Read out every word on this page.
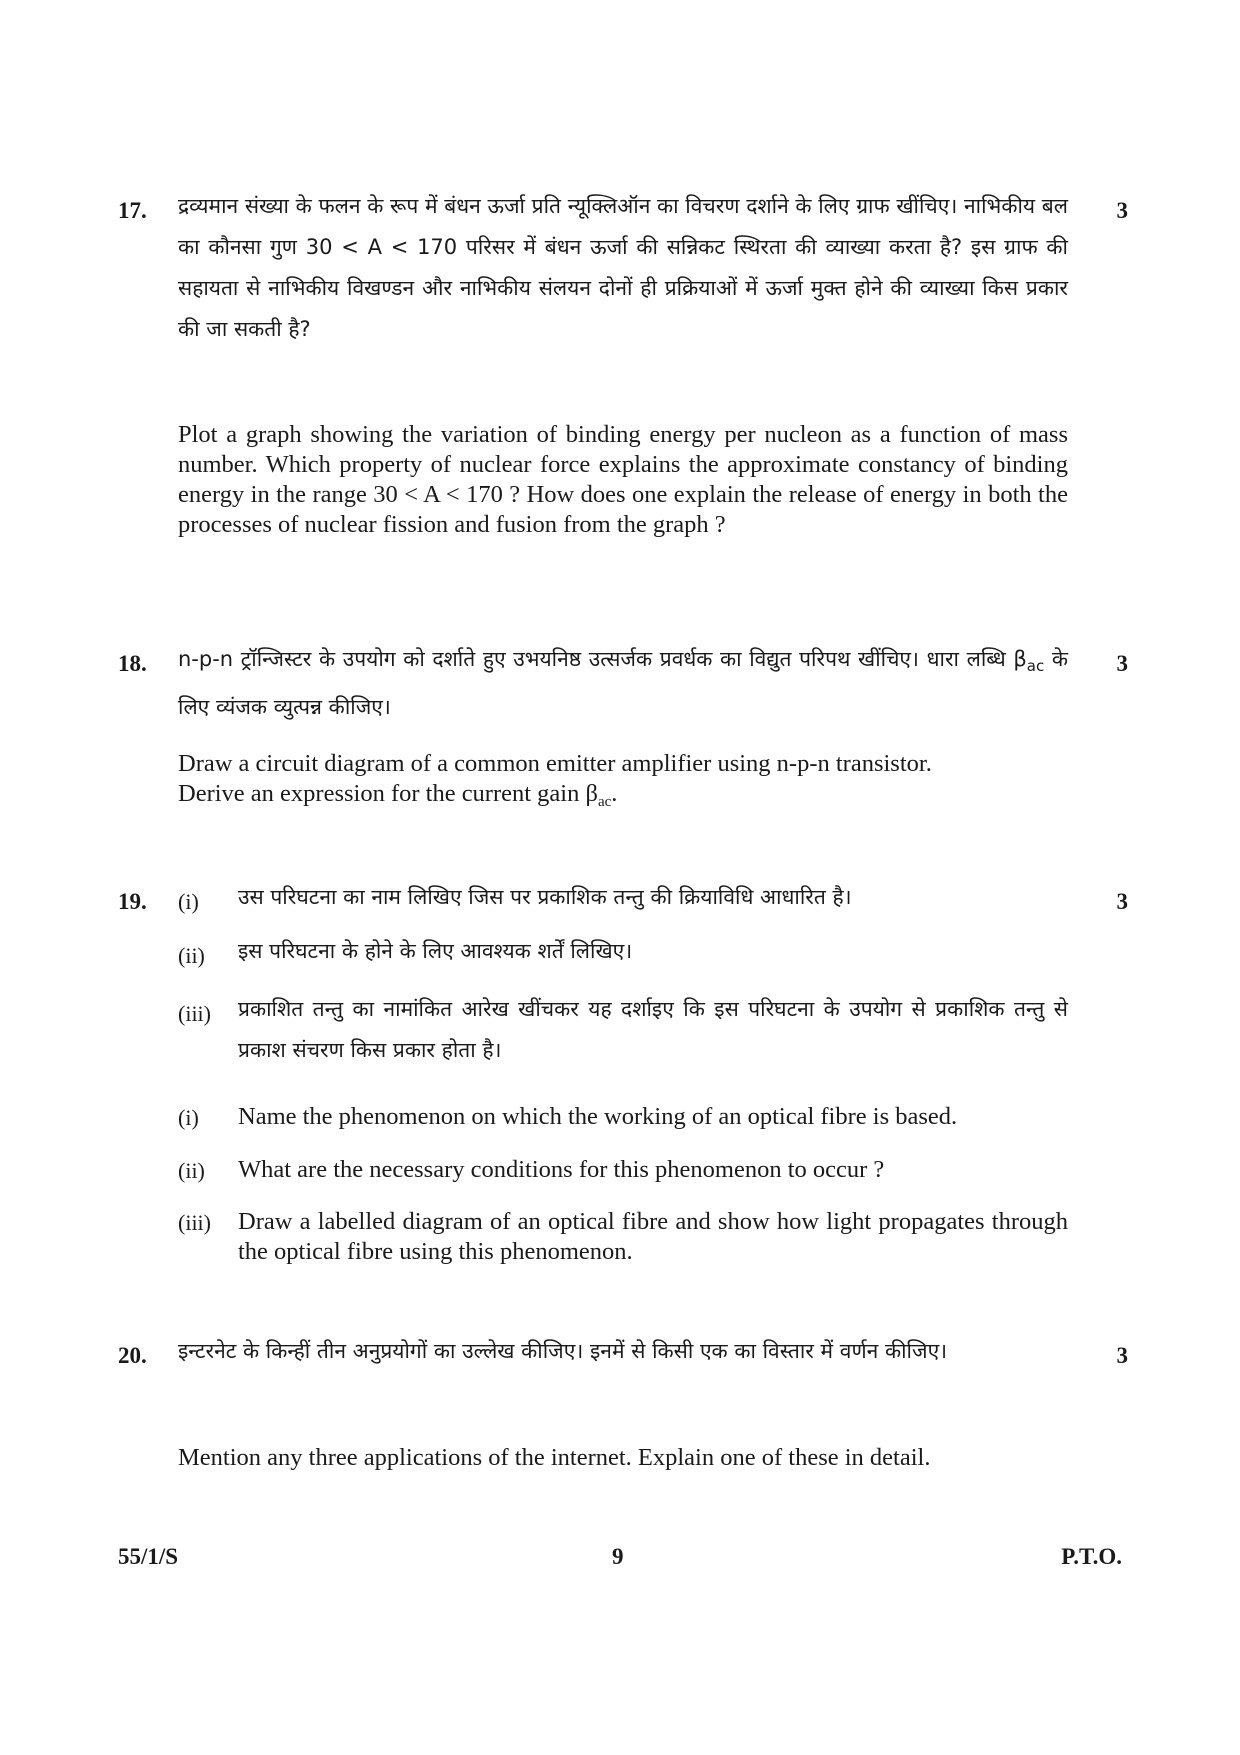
17.	3

द्रव्यमान संख्या के फलन के रूप में बंधन ऊर्जा प्रति न्यूक्लिऑन का विचरण दर्शाने के लिए ग्राफ खींचिए। नाभिकीय बल का कौनसा गुण 30 < A < 170 परिसर में बंधन ऊर्जा की सन्निकट स्थिरता की व्याख्या करता है? इस ग्राफ की सहायता से नाभिकीय विखण्डन और नाभिकीय संलयन दोनों ही प्रक्रियाओं में ऊर्जा मुक्त होने की व्याख्या किस प्रकार की जा सकती है?

Plot a graph showing the variation of binding energy per nucleon as a function of mass number. Which property of nuclear force explains the approximate constancy of binding energy in the range 30 < A < 170 ? How does one explain the release of energy in both the processes of nuclear fission and fusion from the graph ?

18.	3

n-p-n ट्रॉन्जिस्टर के उपयोग को दर्शाते हुए उभयनिष्ठ उत्सर्जक प्रवर्धक का विद्युत परिपथ खींचिए। धारा लब्धि $\beta_{ac}$ के लिए व्यंजक व्युत्पन्न कीजिए।

Draw a circuit diagram of a common emitter amplifier using n-p-n transistor.
Derive an expression for the current gain $\beta_{ac}$.

19.	3
(i) उस परिघटना का नाम लिखिए जिस पर प्रकाशिक तन्तु की क्रियाविधि आधारित है।

(ii) इस परिघटना के होने के लिए आवश्यक शर्तें लिखिए।

(iii) प्रकाशित तन्तु का नामांकित आरेख खींचकर यह दर्शाइए कि इस परिघटना के उपयोग से प्रकाशिक तन्तु से प्रकाश संचरण किस प्रकार होता है।

(i) Name the phenomenon on which the working of an optical fibre is based.

(ii) What are the necessary conditions for this phenomenon to occur ?

(iii) Draw a labelled diagram of an optical fibre and show how light propagates through the optical fibre using this phenomenon.

20.	3

इन्टरनेट के किन्हीं तीन अनुप्रयोगों का उल्लेख कीजिए। इनमें से किसी एक का विस्तार में वर्णन कीजिए।

Mention any three applications of the internet. Explain one of these in detail.

55/1/S	9	P.T.O.
